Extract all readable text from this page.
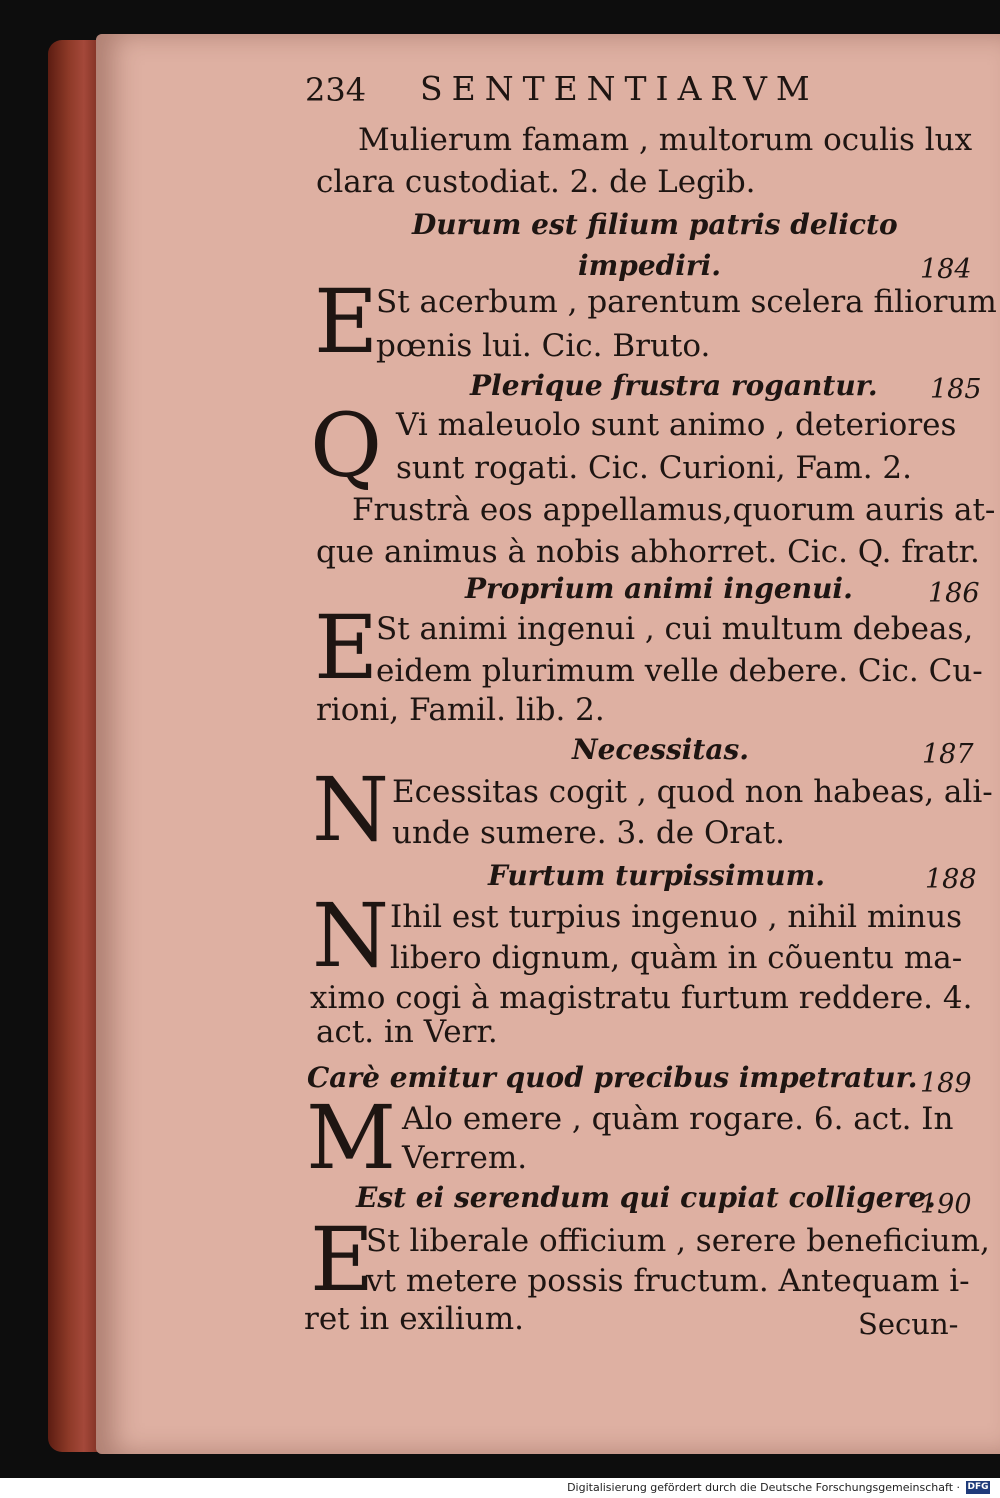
234 SENTENTIARVM
Mulierum famam , multorum oculis lux
clara custodiat. 2. de Legib.
Durum est filium patris delicto
impediri.	184
E
St acerbum , parentum scelera filiorum
pœnis lui. Cic. Bruto.
Plerique frustra rogantur. 185
Q Vi maleuolo sunt animo , deteriores
sunt rogati. Cic. Curioni, Fam. 2.
Frustrà eos appellamus,quorum auris at-
que animus à nobis abhorret. Cic. Q. fratr.
Proprium animi ingenui.	186
E
St animi ingenui , cui multum debeas,
eidem plurimum velle debere. Cic. Cu-
rioni, Famil. lib. 2.
Necessitas.	187
N Ecessitas cogit , quod non habeas, ali-
unde sumere. 3. de Orat.
Furtum turpissimum.	188
N Ihil est turpius ingenuo , nihil minus
libero dignum, quàm in cõuentu ma-
ximo cogi à magistratu furtum reddere. 4.
act. in Verr.
Carè emitur quod precibus impetratur. 189
M Alo emere , quàm rogare. 6. act. In
Verrem.
Est ei serendum qui cupiat colligere.
190
E
St liberale officium , serere beneficium,
vt metere possis fructum. Antequam i-
ret in exilium.	Secun-
Digitalisierung gefördert durch die Deutsche Forschungsgemeinschaft · DFG
